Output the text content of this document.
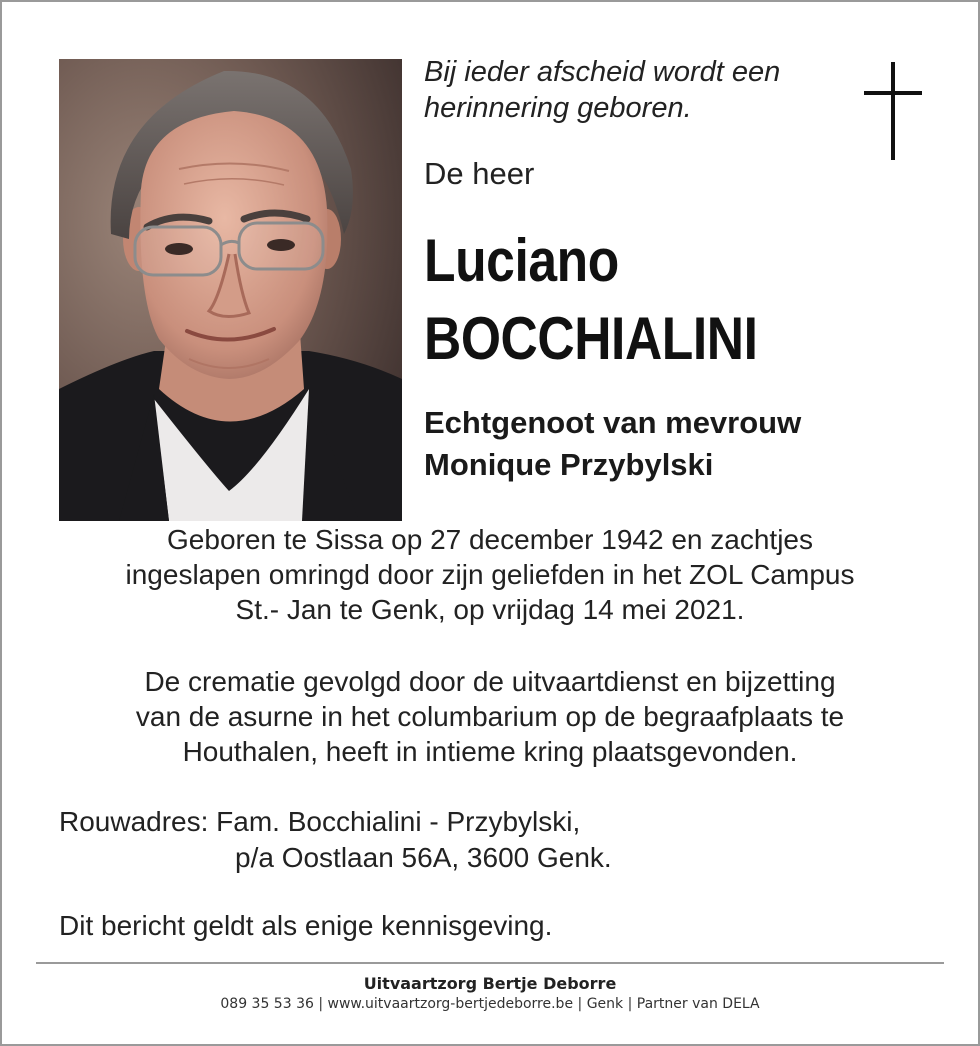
Bij ieder afscheid wordt een
herinnering geboren.
De heer
Luciano
BOCCHIALINI
Echtgenoot van mevrouw
Monique Przybylski
Geboren te Sissa op 27 december 1942 en zachtjes
ingeslapen omringd door zijn geliefden in het ZOL Campus
St.- Jan te Genk, op vrijdag 14 mei 2021.
De crematie gevolgd door de uitvaartdienst en bijzetting
van de asurne in het columbarium op de begraafplaats te
Houthalen, heeft in intieme kring plaatsgevonden.
Rouwadres: Fam. Bocchialini - Przybylski,
p/a Oostlaan 56A, 3600 Genk.
Dit bericht geldt als enige kennisgeving.
Uitvaartzorg Bertje Deborre
089 35 53 36 | www.uitvaartzorg-bertjedeborre.be | Genk | Partner van DELA
